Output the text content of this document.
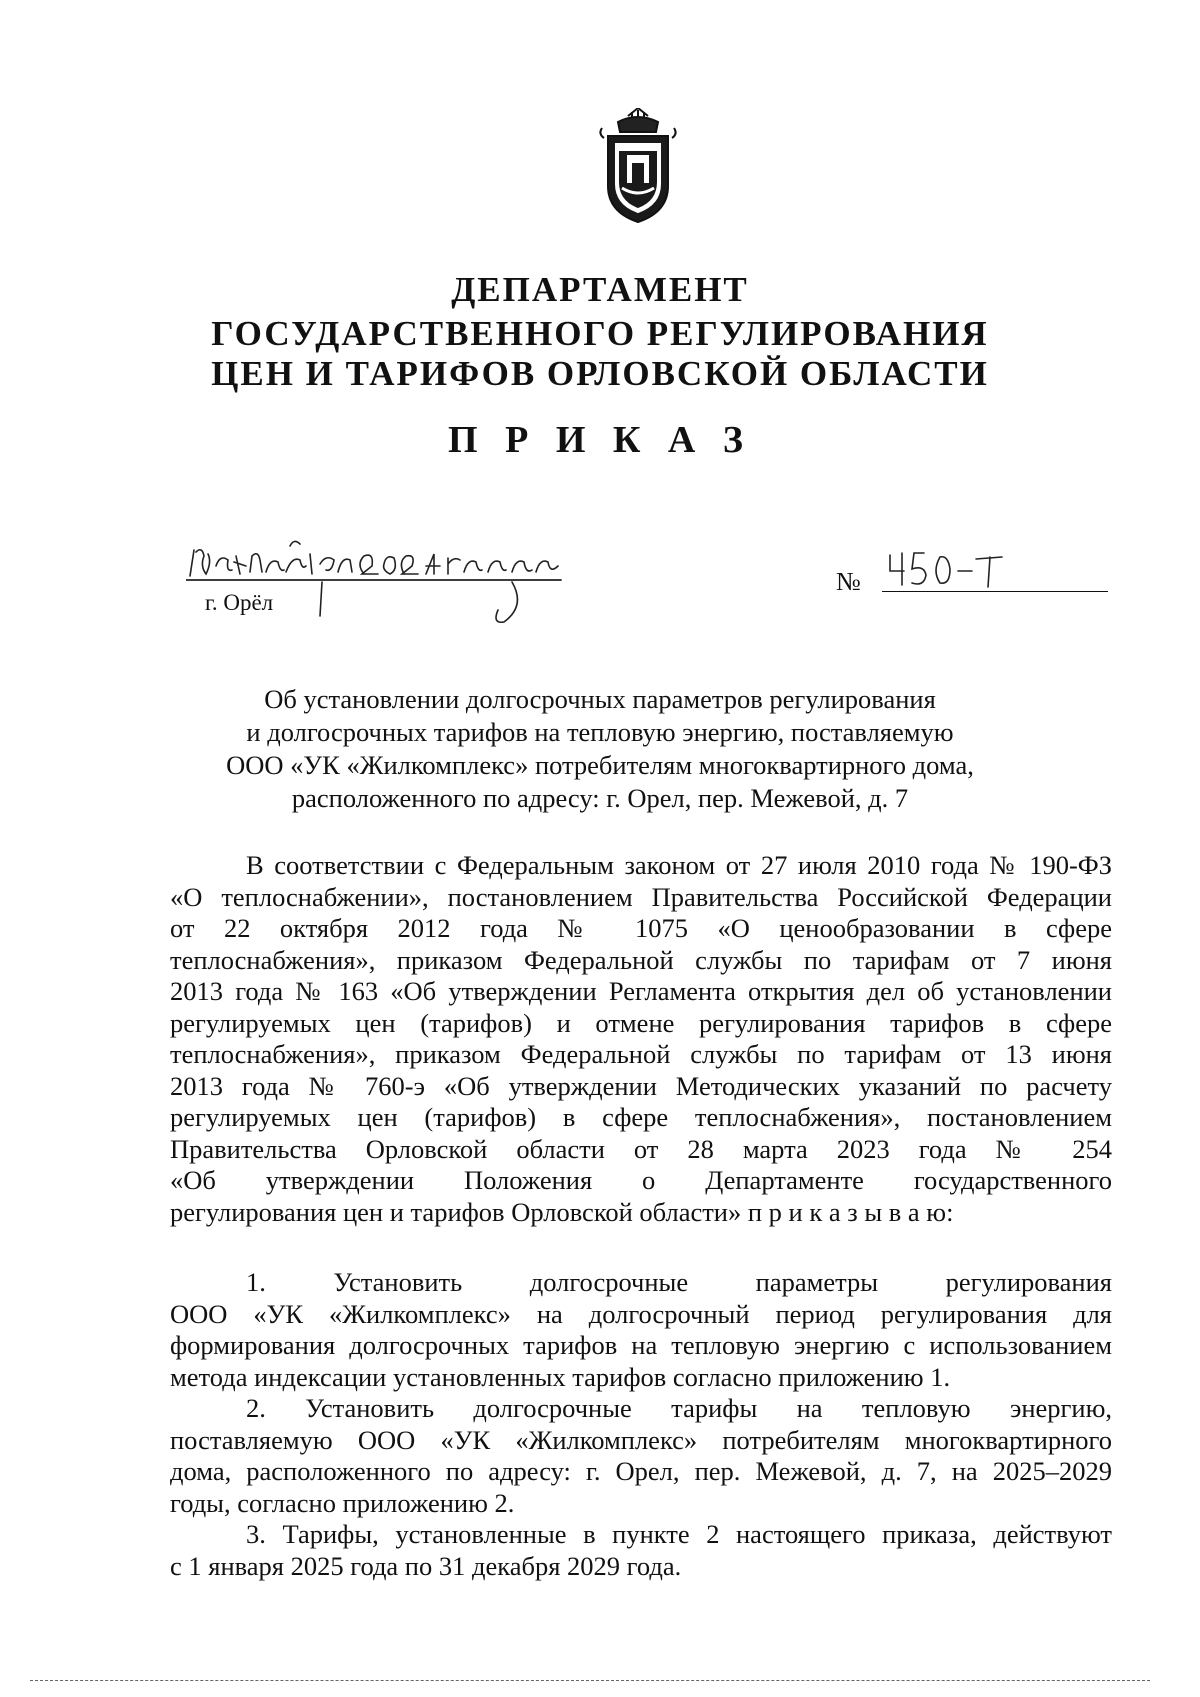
ДЕПАРТАМЕНТ
ГОСУДАРСТВЕННОГО РЕГУЛИРОВАНИЯ
ЦЕН И ТАРИФОВ ОРЛОВСКОЙ ОБЛАСТИ
П Р И К А З
г. Орёл
№
Об установлении долгосрочных параметров регулирования
и долгосрочных тарифов на тепловую энергию, поставляемую
ООО «УК «Жилкомплекс» потребителям многоквартирного дома,
расположенного по адресу: г. Орел, пер. Межевой, д. 7
В соответствии с Федеральным законом от 27 июля 2010 года № 190-ФЗ
«О теплоснабжении», постановлением Правительства Российской Федерации
от 22 октября 2012 года № 1075 «О ценообразовании в сфере
теплоснабжения», приказом Федеральной службы по тарифам от 7 июня
2013 года № 163 «Об утверждении Регламента открытия дел об установлении
регулируемых цен (тарифов) и отмене регулирования тарифов в сфере
теплоснабжения», приказом Федеральной службы по тарифам от 13 июня
2013 года № 760-э «Об утверждении Методических указаний по расчету
регулируемых цен (тарифов) в сфере теплоснабжения», постановлением
Правительства Орловской области от 28 марта 2023 года № 254
«Об утверждении Положения о Департаменте государственного
регулирования цен и тарифов Орловской области» п р и к а з ы в а ю:
1. Установить долгосрочные параметры регулирования
ООО «УК «Жилкомплекс» на долгосрочный период регулирования для
формирования долгосрочных тарифов на тепловую энергию с использованием
метода индексации установленных тарифов согласно приложению 1.
2. Установить долгосрочные тарифы на тепловую энергию,
поставляемую ООО «УК «Жилкомплекс» потребителям многоквартирного
дома, расположенного по адресу: г. Орел, пер. Межевой, д. 7, на 2025–2029
годы, согласно приложению 2.
3. Тарифы, установленные в пункте 2 настоящего приказа, действуют
с 1 января 2025 года по 31 декабря 2029 года.
